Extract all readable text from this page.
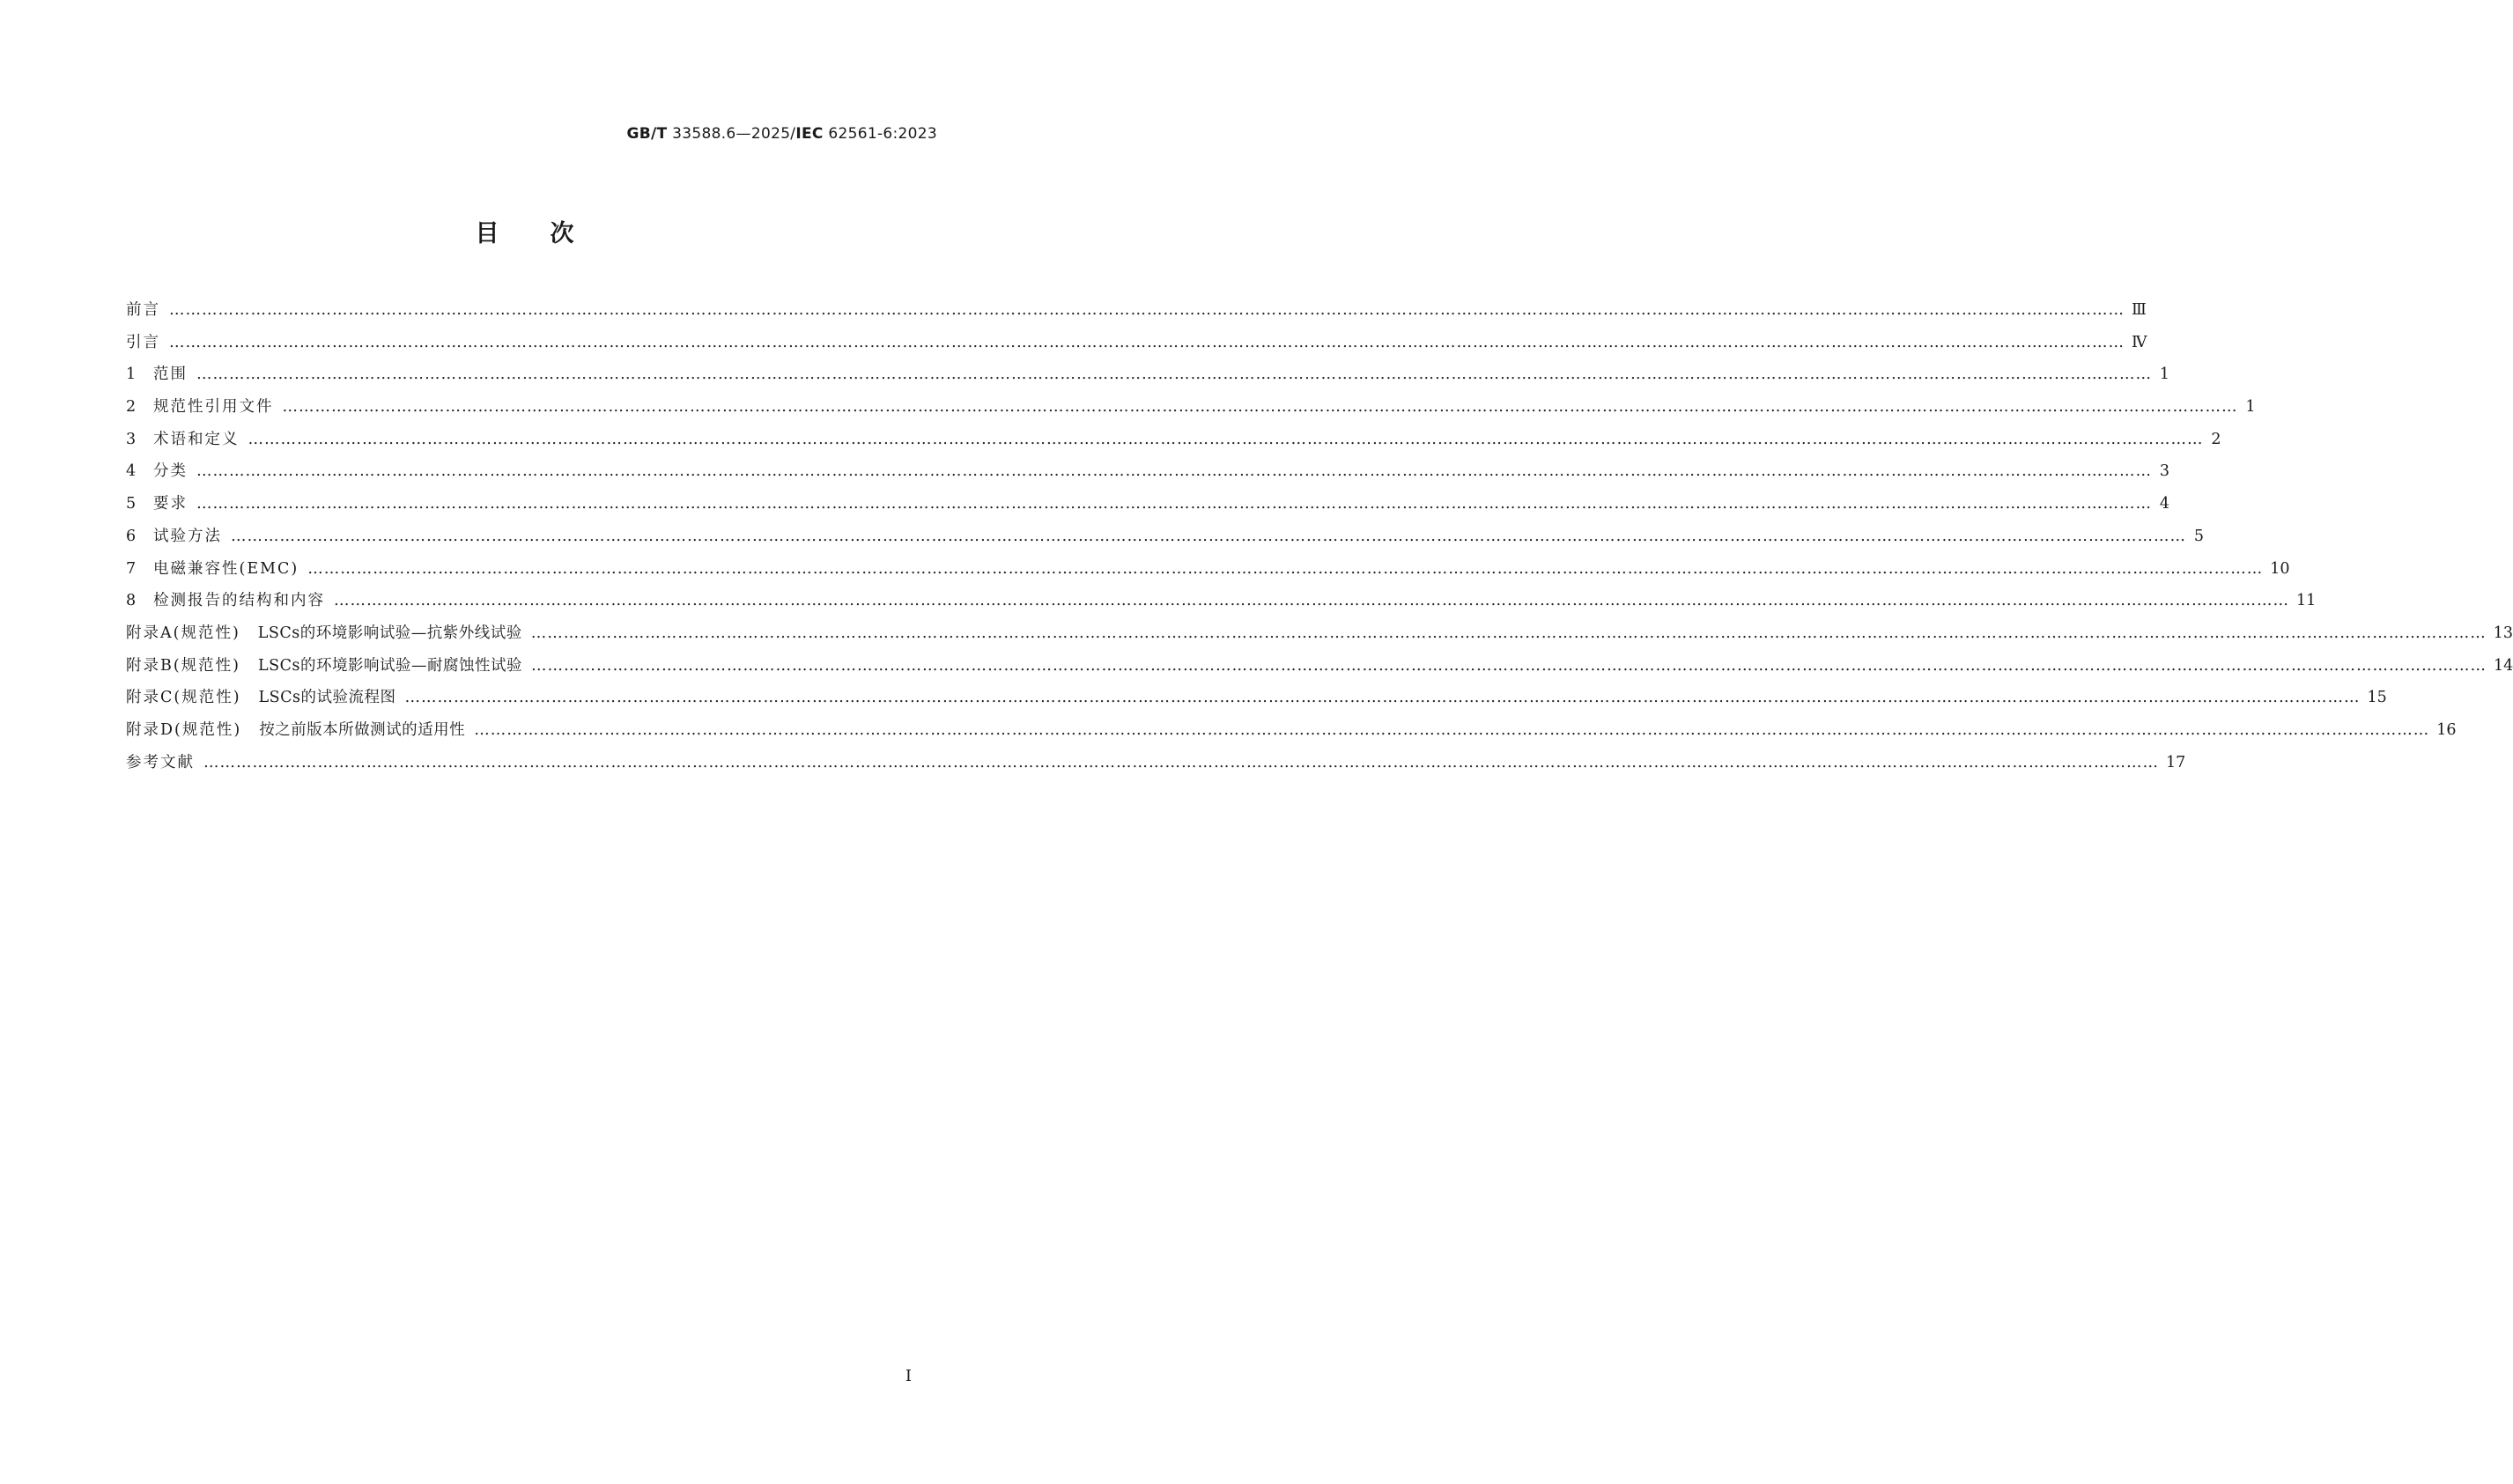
GB/T 33588.6—2025/IEC 62561-6:2023
目次
前言 ……………………………………………………………………………………………………………………………………………………………………………………………………………………………………………………………………………………………………………………………… Ⅲ
引言 ……………………………………………………………………………………………………………………………………………………………………………………………………………………………………………………………………………………………………………………………… Ⅳ
1	范围 ……………………………………………………………………………………………………………………………………………………………………………………………………………………………………………………………………………………………………………………………… 1
2	规范性引用文件 ……………………………………………………………………………………………………………………………………………………………………………………………………………………………………………………………………………………………………………………………… 1
3	术语和定义 ……………………………………………………………………………………………………………………………………………………………………………………………………………………………………………………………………………………………………………………………… 2
4	分类 ……………………………………………………………………………………………………………………………………………………………………………………………………………………………………………………………………………………………………………………………… 3
5	要求 ……………………………………………………………………………………………………………………………………………………………………………………………………………………………………………………………………………………………………………………………… 4
6	试验方法 ……………………………………………………………………………………………………………………………………………………………………………………………………………………………………………………………………………………………………………………………… 5
7	电磁兼容性(EMC) ……………………………………………………………………………………………………………………………………………………………………………………………………………………………………………………………………………………………………………………………… 10
8	检测报告的结构和内容 ……………………………………………………………………………………………………………………………………………………………………………………………………………………………………………………………………………………………………………………………… 11
附录A(规范性) LSCs的环境影响试验—抗紫外线试验 ……………………………………………………………………………………………………………………………………………………………………………………………………………………………………………………………………………………………………………………………… 13
附录B(规范性) LSCs的环境影响试验—耐腐蚀性试验 ……………………………………………………………………………………………………………………………………………………………………………………………………………………………………………………………………………………………………………………………… 14
附录C(规范性) LSCs的试验流程图 ……………………………………………………………………………………………………………………………………………………………………………………………………………………………………………………………………………………………………………………………… 15
附录D(规范性) 按之前版本所做测试的适用性 ……………………………………………………………………………………………………………………………………………………………………………………………………………………………………………………………………………………………………………………………… 16
参考文献 ……………………………………………………………………………………………………………………………………………………………………………………………………………………………………………………………………………………………………………………………… 17
Ⅰ
